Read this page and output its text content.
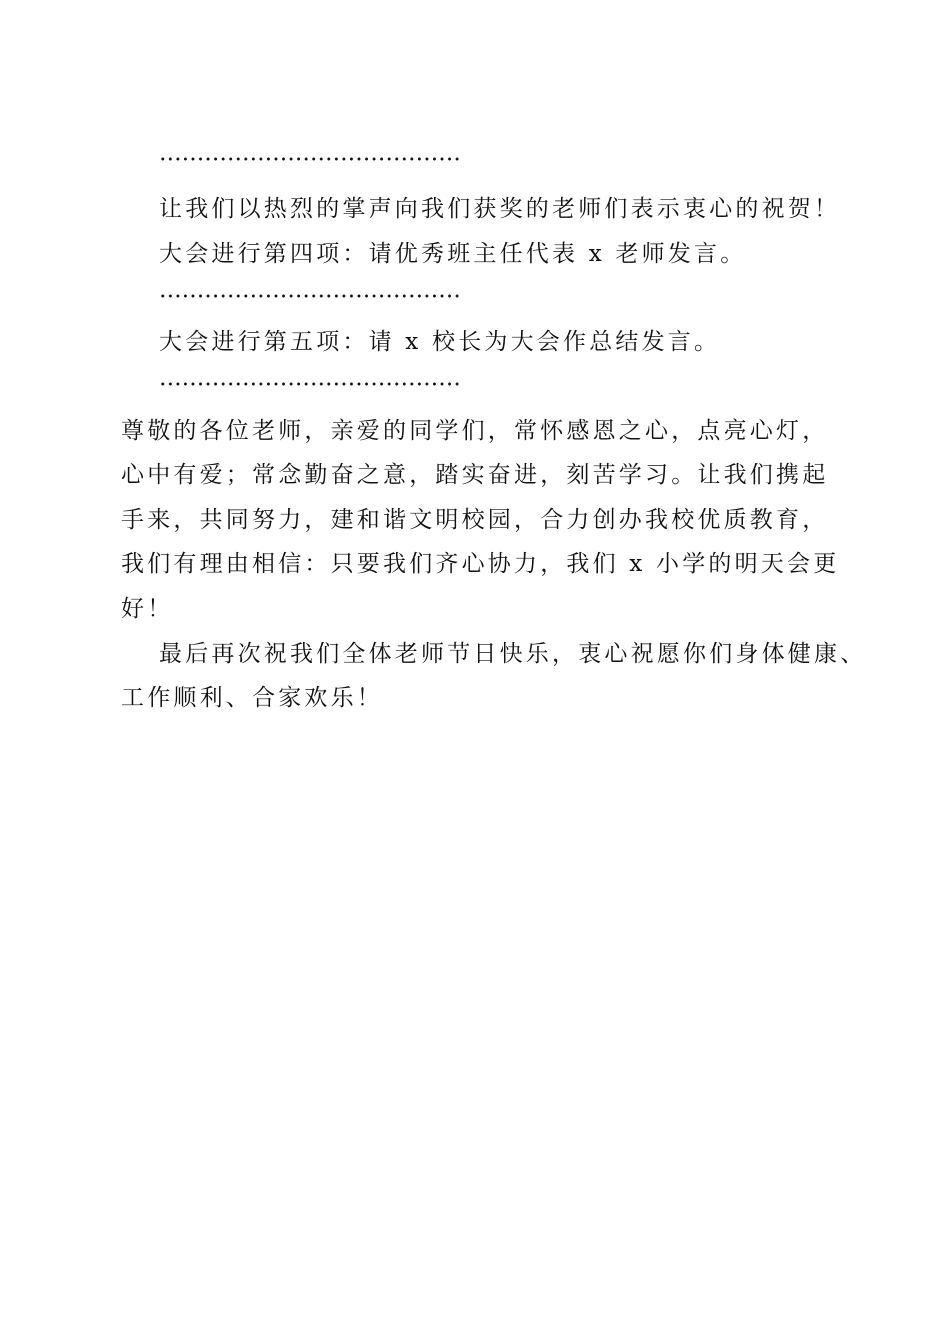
让我们以热烈的掌声向我们获奖的老师们表示衷心的祝贺！
大会进行第四项：请优秀班主任代表 x 老师发言。
大会进行第五项：请 x 校长为大会作总结发言。
尊敬的各位老师，亲爱的同学们，常怀感恩之心，点亮心灯，
心中有爱；常念勤奋之意，踏实奋进，刻苦学习。让我们携起
手来，共同努力，建和谐文明校园，合力创办我校优质教育，
我们有理由相信：只要我们齐心协力，我们 x 小学的明天会更
好！
最后再次祝我们全体老师节日快乐，衷心祝愿你们身体健康、
工作顺利、合家欢乐！
